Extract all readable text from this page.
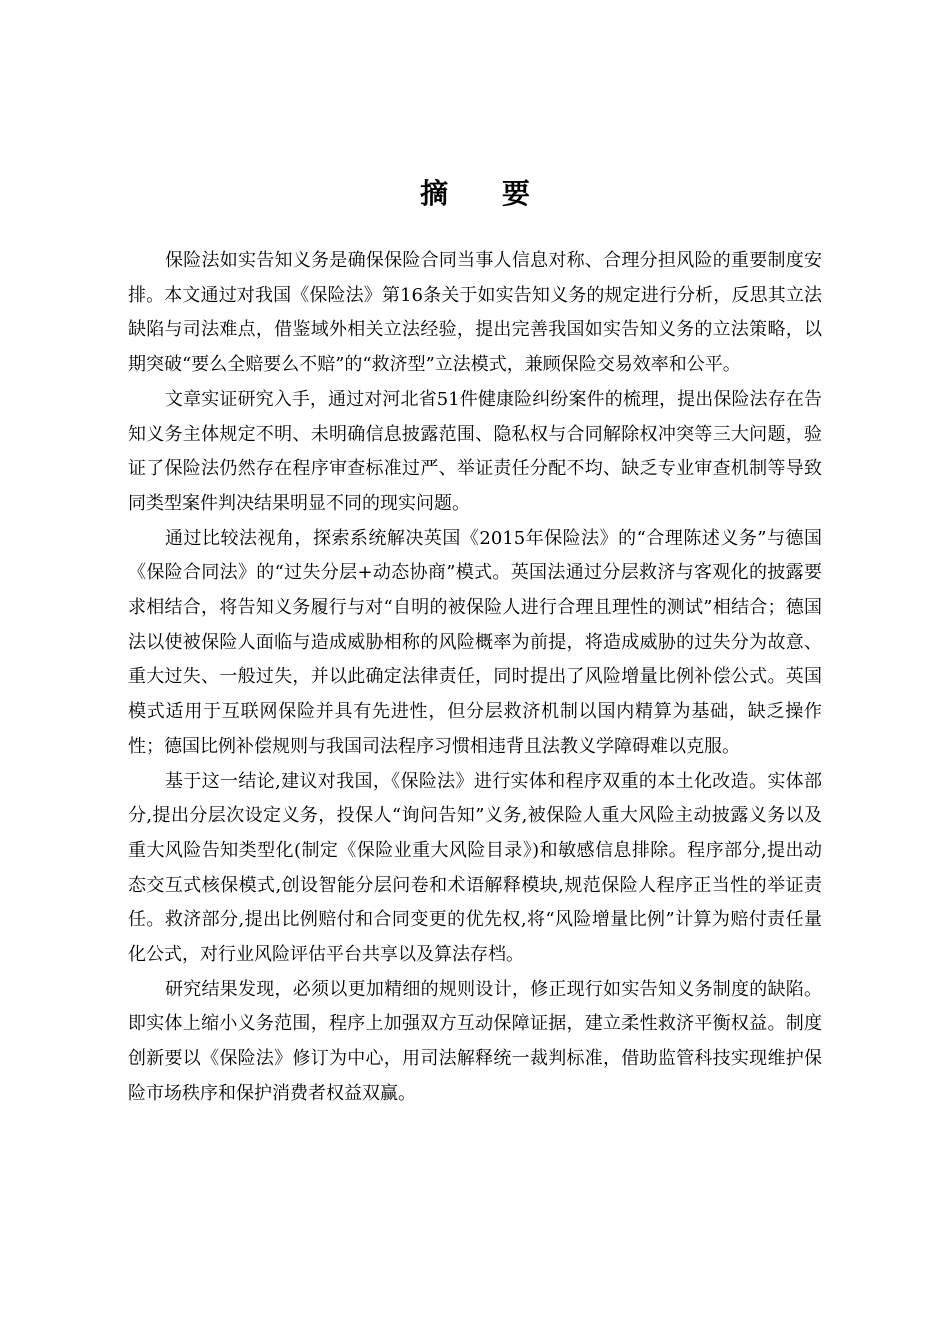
摘 要

保险法如实告知义务是确保保险合同当事人信息对称、合理分担风险的重要制度安排。本文通过对我国《保险法》第16条关于如实告知义务的规定进行分析，反思其立法缺陷与司法难点，借鉴域外相关立法经验，提出完善我国如实告知义务的立法策略，以期突破“要么全赔要么不赔”的“救济型”立法模式，兼顾保险交易效率和公平。

文章实证研究入手，通过对河北省51件健康险纠纷案件的梳理，提出保险法存在告知义务主体规定不明、未明确信息披露范围、隐私权与合同解除权冲突等三大问题，验证了保险法仍然存在程序审查标准过严、举证责任分配不均、缺乏专业审查机制等导致同类型案件判决结果明显不同的现实问题。

通过比较法视角，探索系统解决英国《2015年保险法》的“合理陈述义务”与德国《保险合同法》的“过失分层+动态协商”模式。英国法通过分层救济与客观化的披露要求相结合，将告知义务履行与对“自明的被保险人进行合理且理性的测试”相结合；德国法以使被保险人面临与造成威胁相称的风险概率为前提，将造成威胁的过失分为故意、重大过失、一般过失，并以此确定法律责任，同时提出了风险增量比例补偿公式。英国模式适用于互联网保险并具有先进性，但分层救济机制以国内精算为基础，缺乏操作性；德国比例补偿规则与我国司法程序习惯相违背且法教义学障碍难以克服。

基于这一结论,建议对我国，《保险法》进行实体和程序双重的本土化改造。实体部分,提出分层次设定义务，投保人“询问告知”义务,被保险人重大风险主动披露义务以及重大风险告知类型化(制定《保险业重大风险目录》)和敏感信息排除。程序部分,提出动态交互式核保模式,创设智能分层问卷和术语解释模块,规范保险人程序正当性的举证责任。救济部分,提出比例赔付和合同变更的优先权,将“风险增量比例”计算为赔付责任量化公式，对行业风险评估平台共享以及算法存档。

研究结果发现，必须以更加精细的规则设计，修正现行如实告知义务制度的缺陷。即实体上缩小义务范围，程序上加强双方互动保障证据，建立柔性救济平衡权益。制度创新要以《保险法》修订为中心，用司法解释统一裁判标准，借助监管科技实现维护保险市场秩序和保护消费者权益双赢。
